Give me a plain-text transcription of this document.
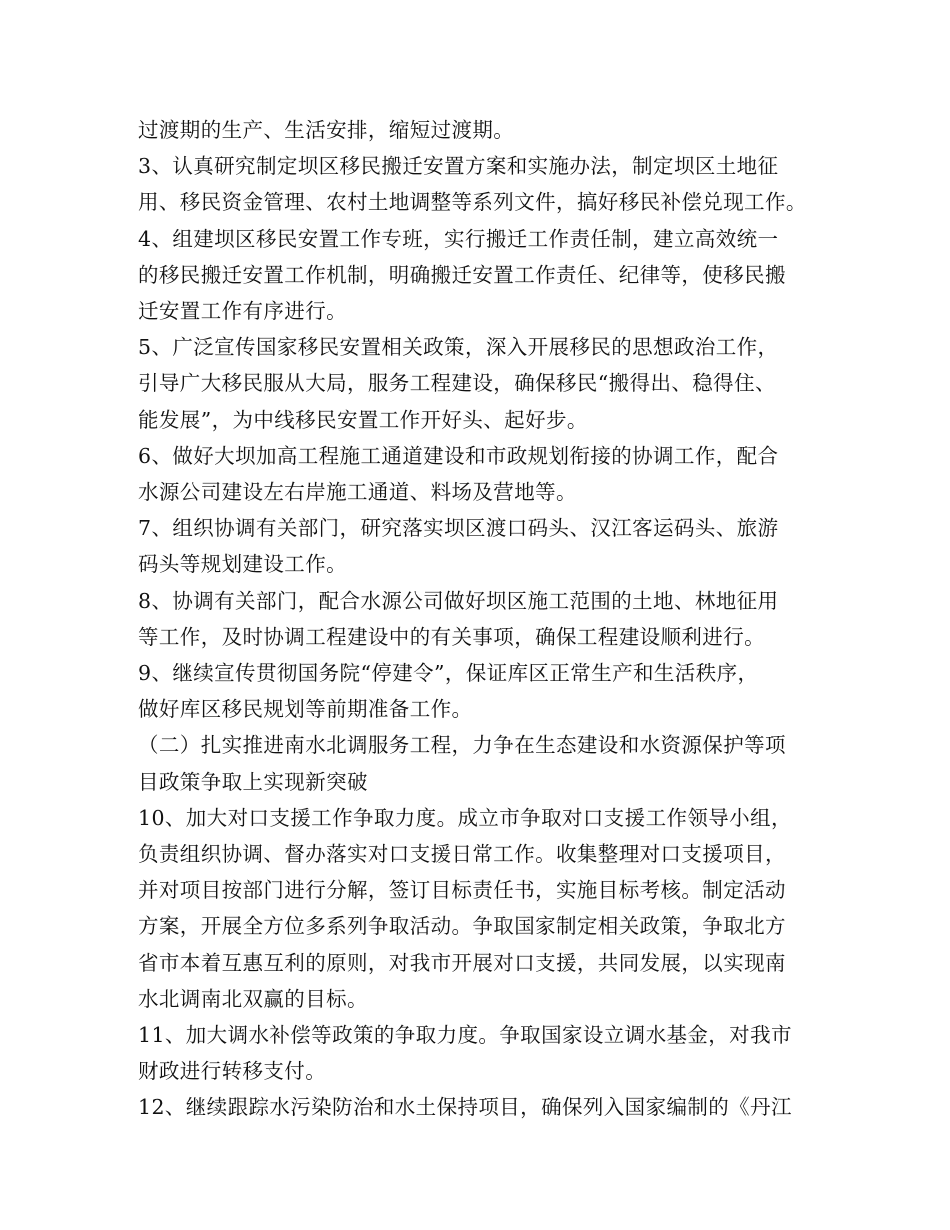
过渡期的生产、生活安排，缩短过渡期。

3、认真研究制定坝区移民搬迁安置方案和实施办法，制定坝区土地征

用、移民资金管理、农村土地调整等系列文件，搞好移民补偿兑现工作。

4、组建坝区移民安置工作专班，实行搬迁工作责任制，建立高效统一

的移民搬迁安置工作机制，明确搬迁安置工作责任、纪律等，使移民搬

迁安置工作有序进行。

5、广泛宣传国家移民安置相关政策，深入开展移民的思想政治工作，

引导广大移民服从大局，服务工程建设，确保移民“搬得出、稳得住、

能发展”，为中线移民安置工作开好头、起好步。

6、做好大坝加高工程施工通道建设和市政规划衔接的协调工作，配合

水源公司建设左右岸施工通道、料场及营地等。

7、组织协调有关部门，研究落实坝区渡口码头、汉江客运码头、旅游

码头等规划建设工作。

8、协调有关部门，配合水源公司做好坝区施工范围的土地、林地征用

等工作，及时协调工程建设中的有关事项，确保工程建设顺利进行。

9、继续宣传贯彻国务院“停建令”，保证库区正常生产和生活秩序，

做好库区移民规划等前期准备工作。

（二）扎实推进南水北调服务工程，力争在生态建设和水资源保护等项

目政策争取上实现新突破

10、加大对口支援工作争取力度。成立市争取对口支援工作领导小组，

负责组织协调、督办落实对口支援日常工作。收集整理对口支援项目，

并对项目按部门进行分解，签订目标责任书，实施目标考核。制定活动

方案，开展全方位多系列争取活动。争取国家制定相关政策，争取北方

省市本着互惠互利的原则，对我市开展对口支援，共同发展，以实现南

水北调南北双赢的目标。

11、加大调水补偿等政策的争取力度。争取国家设立调水基金，对我市

财政进行转移支付。

12、继续跟踪水污染防治和水土保持项目，确保列入国家编制的《丹江
